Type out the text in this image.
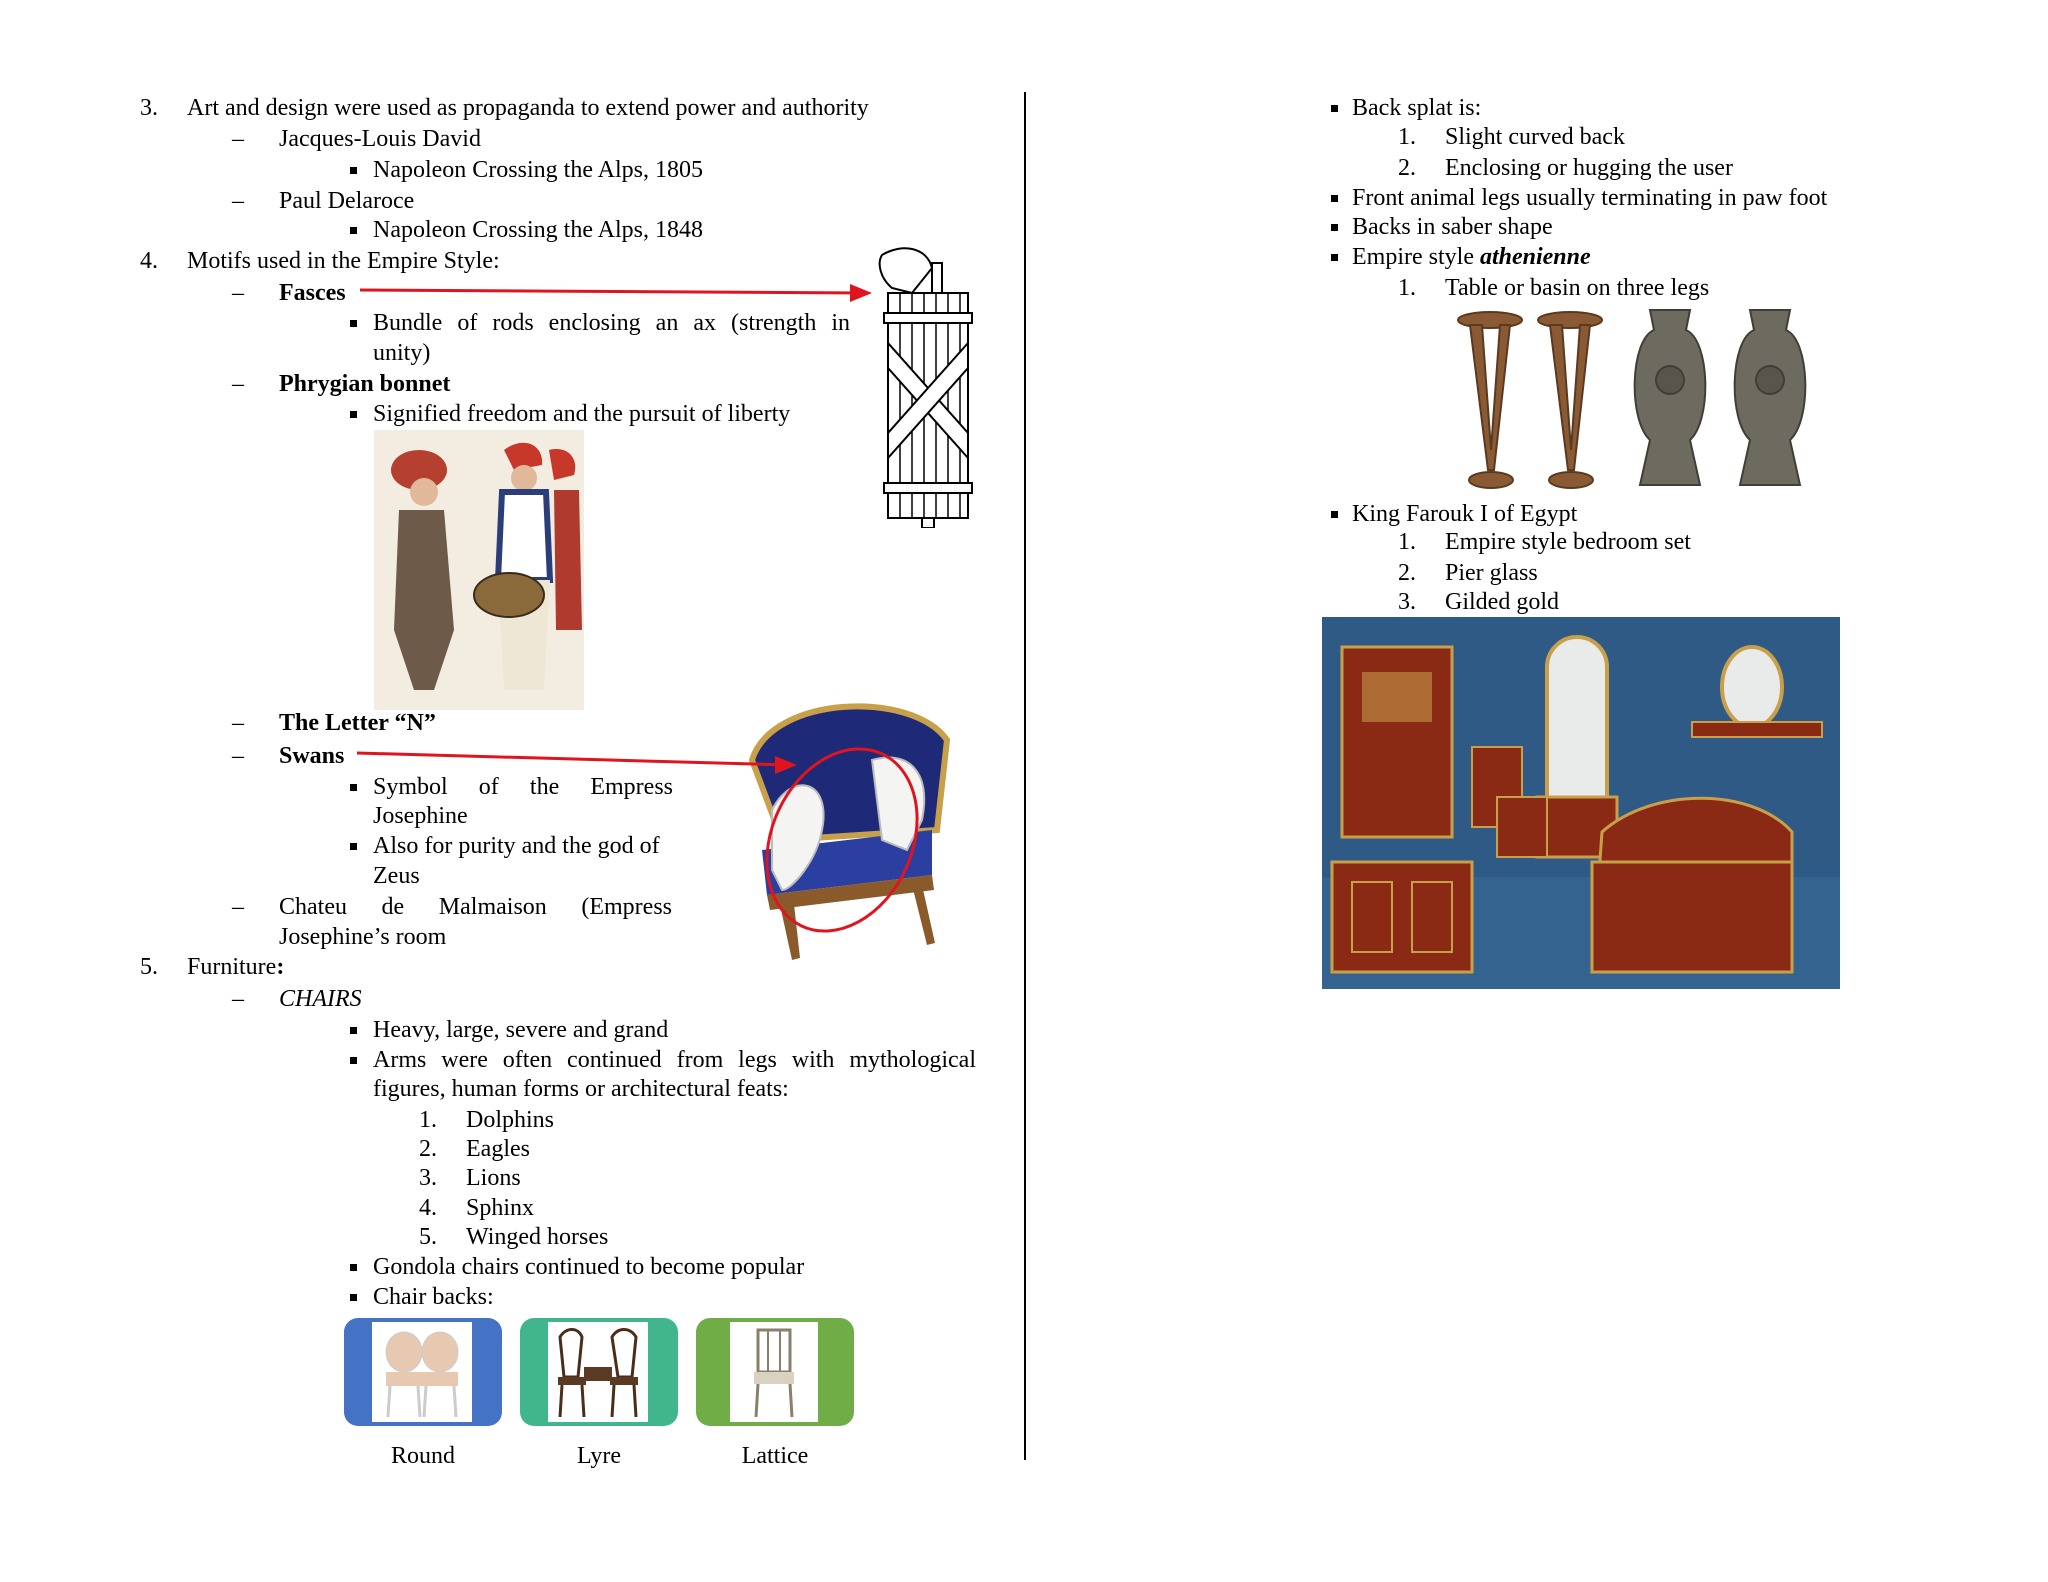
3. Art and design were used as propaganda to extend power and authority
– Jacques-Louis David
Napoleon Crossing the Alps, 1805
– Paul Delaroce
Napoleon Crossing the Alps, 1848
4. Motifs used in the Empire Style:
– Fasces
Bundle of rods enclosing an ax (strength in
unity)
– Phrygian bonnet
Signified freedom and the pursuit of liberty
– The Letter “N”
– Swans
Symbol of the Empress
Josephine
Also for purity and the god of
Zeus
– Chateu de Malmaison (Empress
Josephine’s room
5. Furniture:
– CHAIRS
Heavy, large, severe and grand
Arms were often continued from legs with mythological
figures, human forms or architectural feats:
1. Dolphins
2. Eagles
3. Lions
4. Sphinx
5. Winged horses
Gondola chairs continued to become popular
Chair backs:
Round	Lyre	Lattice
Back splat is:
1. Slight curved back
2. Enclosing or hugging the user
Front animal legs usually terminating in paw foot
Backs in saber shape
Empire style athenienne
1. Table or basin on three legs
King Farouk I of Egypt
1. Empire style bedroom set
2. Pier glass
3. Gilded gold
